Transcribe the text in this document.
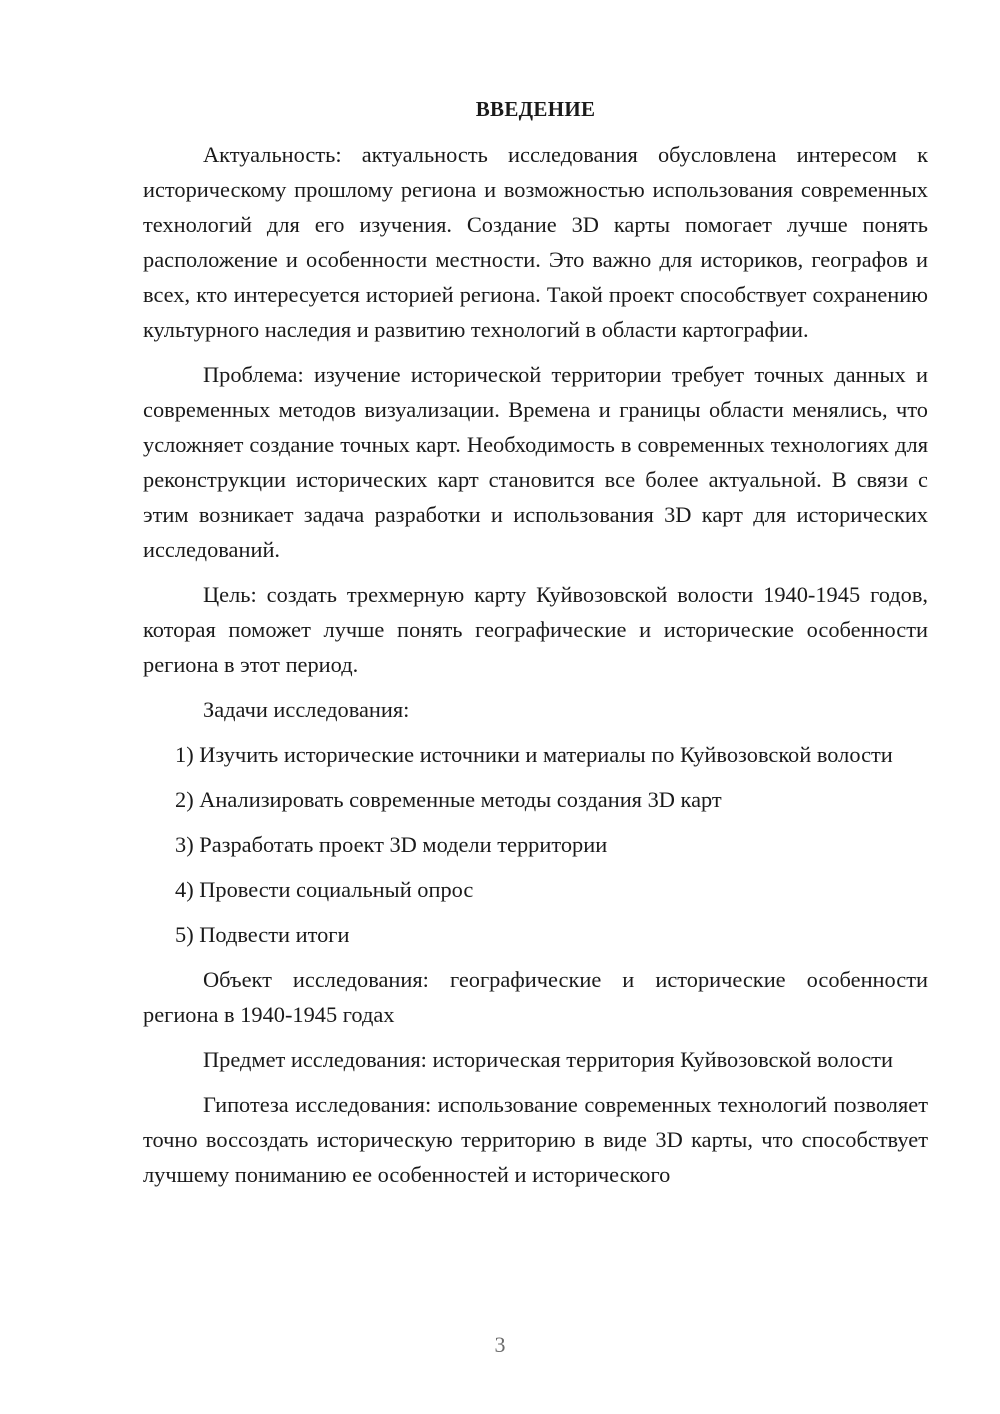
ВВЕДЕНИЕ

Актуальность: актуальность исследования обусловлена интересом к историческому прошлому региона и возможностью использования современных технологий для его изучения. Создание 3D карты помогает лучше понять расположение и особенности местности. Это важно для историков, географов и всех, кто интересуется историей региона. Такой проект способствует сохранению культурного наследия и развитию технологий в области картографии.

Проблема: изучение исторической территории требует точных данных и современных методов визуализации. Времена и границы области менялись, что усложняет создание точных карт. Необходимость в современных технологиях для реконструкции исторических карт становится все более актуальной. В связи с этим возникает задача разработки и использования 3D карт для исторических исследований.

Цель: создать трехмерную карту Куйвозовской волости 1940-1945 годов, которая поможет лучше понять географические и исторические особенности региона в этот период.

Задачи исследования:

1) Изучить исторические источники и материалы по Куйвозовской волости

2) Анализировать современные методы создания 3D карт

3) Разработать проект 3D модели территории

4) Провести социальный опрос

5) Подвести итоги

Объект исследования: географические и исторические особенности региона в 1940-1945 годах

Предмет исследования: историческая территория Куйвозовской волости

Гипотеза исследования: использование современных технологий позволяет точно воссоздать историческую территорию в виде 3D карты, что способствует лучшему пониманию ее особенностей и исторического

3
